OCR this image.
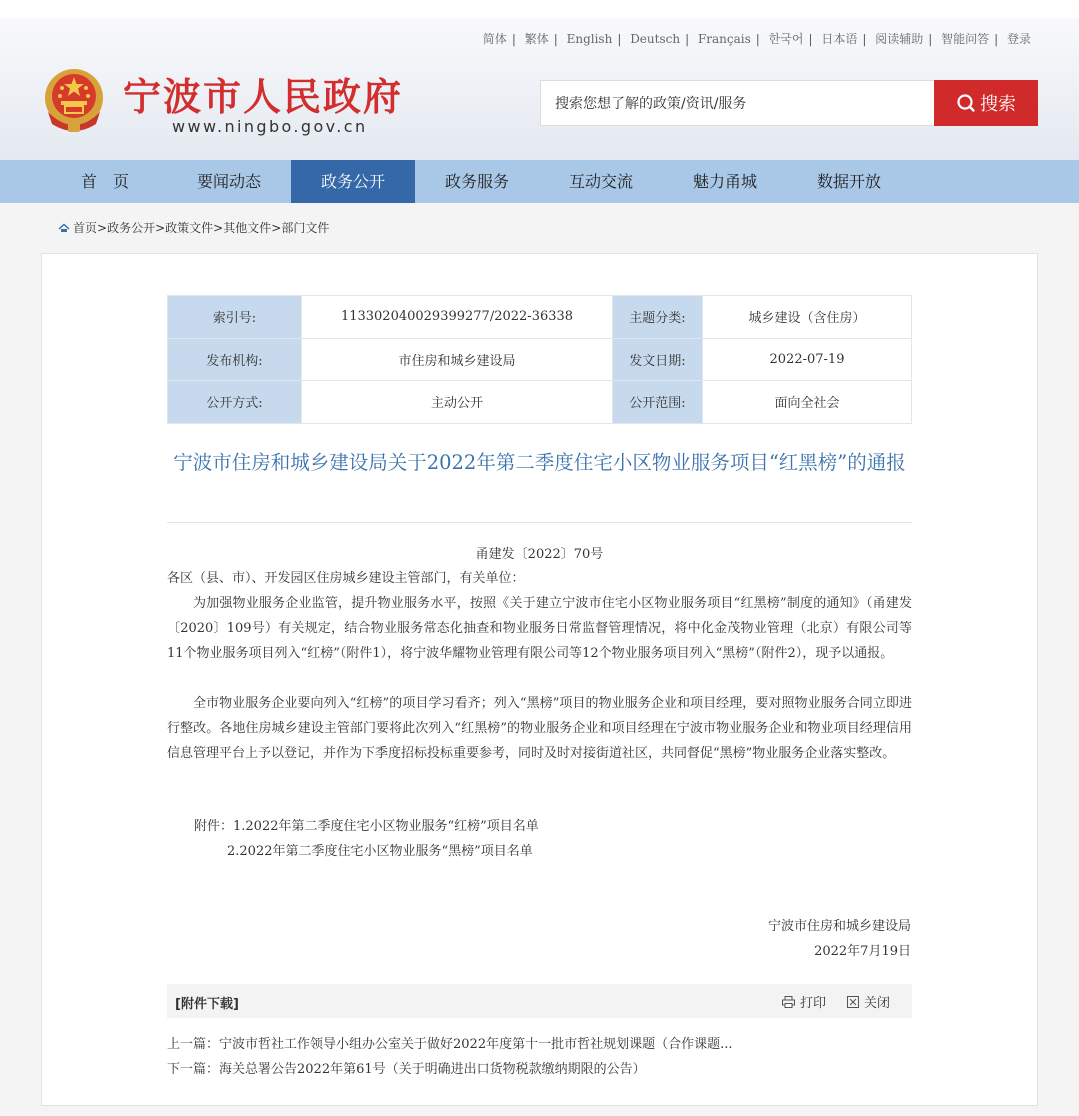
简体 | 繁体 | English | Deutsch | Français | 한국어 | 日本语 | 阅读辅助 | 智能问答 | 登录
宁波市人民政府
www.ningbo.gov.cn
搜索您想了解的政策/资讯/服务
搜索
首　页	要闻动态	政务公开	政务服务	互动交流	魅力甬城	数据开放
首页>政务公开>政策文件>其他文件>部门文件
索引号:	113302040029399277/2022-36338	主题分类:	城乡建设（含住房）
发布机构:	市住房和城乡建设局	发文日期:	2022-07-19
公开方式:	主动公开	公开范围:	面向全社会
宁波市住房和城乡建设局关于2022年第二季度住宅小区物业服务项目“红黑榜”的通报
甬建发〔2022〕70号
各区（县、市）、开发园区住房城乡建设主管部门，有关单位：
为加强物业服务企业监管，提升物业服务水平，按照《关于建立宁波市住宅小区物业服务项目“红黑榜”制度的通知》（甬建发〔2020〕109号）有关规定，结合物业服务常态化抽查和物业服务日常监督管理情况，将中化金茂物业管理（北京）有限公司等11个物业服务项目列入“红榜”（附件1），将宁波华耀物业管理有限公司等12个物业服务项目列入“黑榜”（附件2），现予以通报。
全市物业服务企业要向列入“红榜”的项目学习看齐；列入“黑榜”项目的物业服务企业和项目经理，要对照物业服务合同立即进行整改。各地住房城乡建设主管部门要将此次列入“红黑榜”的物业服务企业和项目经理在宁波市物业服务企业和物业项目经理信用信息管理平台上予以登记，并作为下季度招标投标重要参考，同时及时对接街道社区，共同督促“黑榜”物业服务企业落实整改。
附件：1.2022年第二季度住宅小区物业服务“红榜”项目名单
2.2022年第二季度住宅小区物业服务“黑榜”项目名单
宁波市住房和城乡建设局
2022年7月19日
[附件下载]	打印	关闭
上一篇：宁波市哲社工作领导小组办公室关于做好2022年度第十一批市哲社规划课题（合作课题...
下一篇：海关总署公告2022年第61号（关于明确进出口货物税款缴纳期限的公告）
